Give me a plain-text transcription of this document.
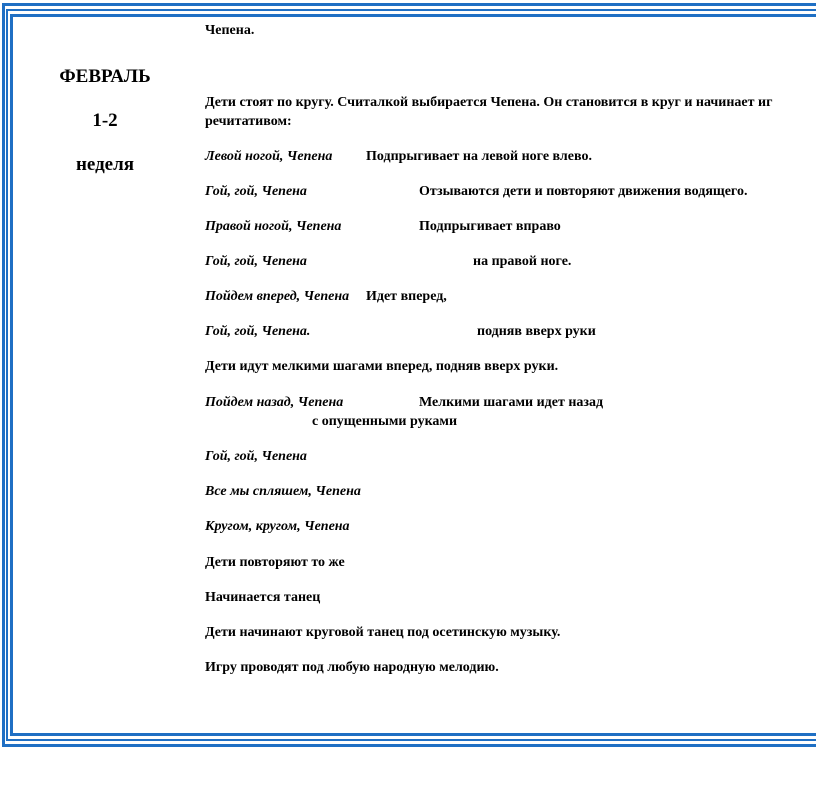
ФЕВРАЛЬ
1-2
неделя
Чепена.
Дети стоят по кругу. Считалкой выбирается Чепена. Он становится в круг и начинает иг
речитативом:
Левой ногой, Чепена Подпрыгивает на левой ноге влево.
Гой, гой, Чепена	Отзываются дети и повторяют движения водящего.
Правой ногой, Чепена	Подпрыгивает вправо
Гой, гой, Чепена	на правой ноге.
Пойдем вперед, Чепена Идет вперед,
Гой, гой, Чепена.	подняв вверх руки
Дети идут мелкими шагами вперед, подняв вверх руки.
Пойдем назад, Чепена	Мелкими шагами идет назад
с опущенными руками
Гой, гой, Чепена
Все мы спляшем, Чепена
Кругом, кругом, Чепена
Дети повторяют то же
Начинается танец
Дети начинают круговой танец под осетинскую музыку.
Игру проводят под любую народную мелодию.
